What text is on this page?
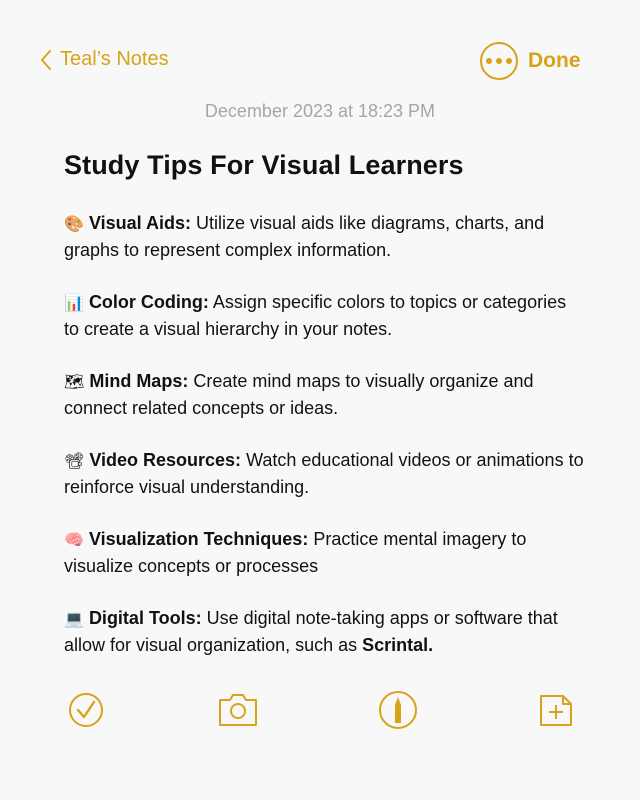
Teal’s Notes	Done
December 2023 at 18:23 PM
Study Tips For Visual Learners
🎨 Visual Aids: Utilize visual aids like diagrams, charts, and graphs to represent complex information.
📊 Color Coding: Assign specific colors to topics or categories to create a visual hierarchy in your notes.
🗺 Mind Maps: Create mind maps to visually organize and connect related concepts or ideas.
📽 Video Resources: Watch educational videos or animations to reinforce visual understanding.
🧠 Visualization Techniques: Practice mental imagery to visualize concepts or processes
💻 Digital Tools: Use digital note-taking apps or software that allow for visual organization, such as Scrintal.
